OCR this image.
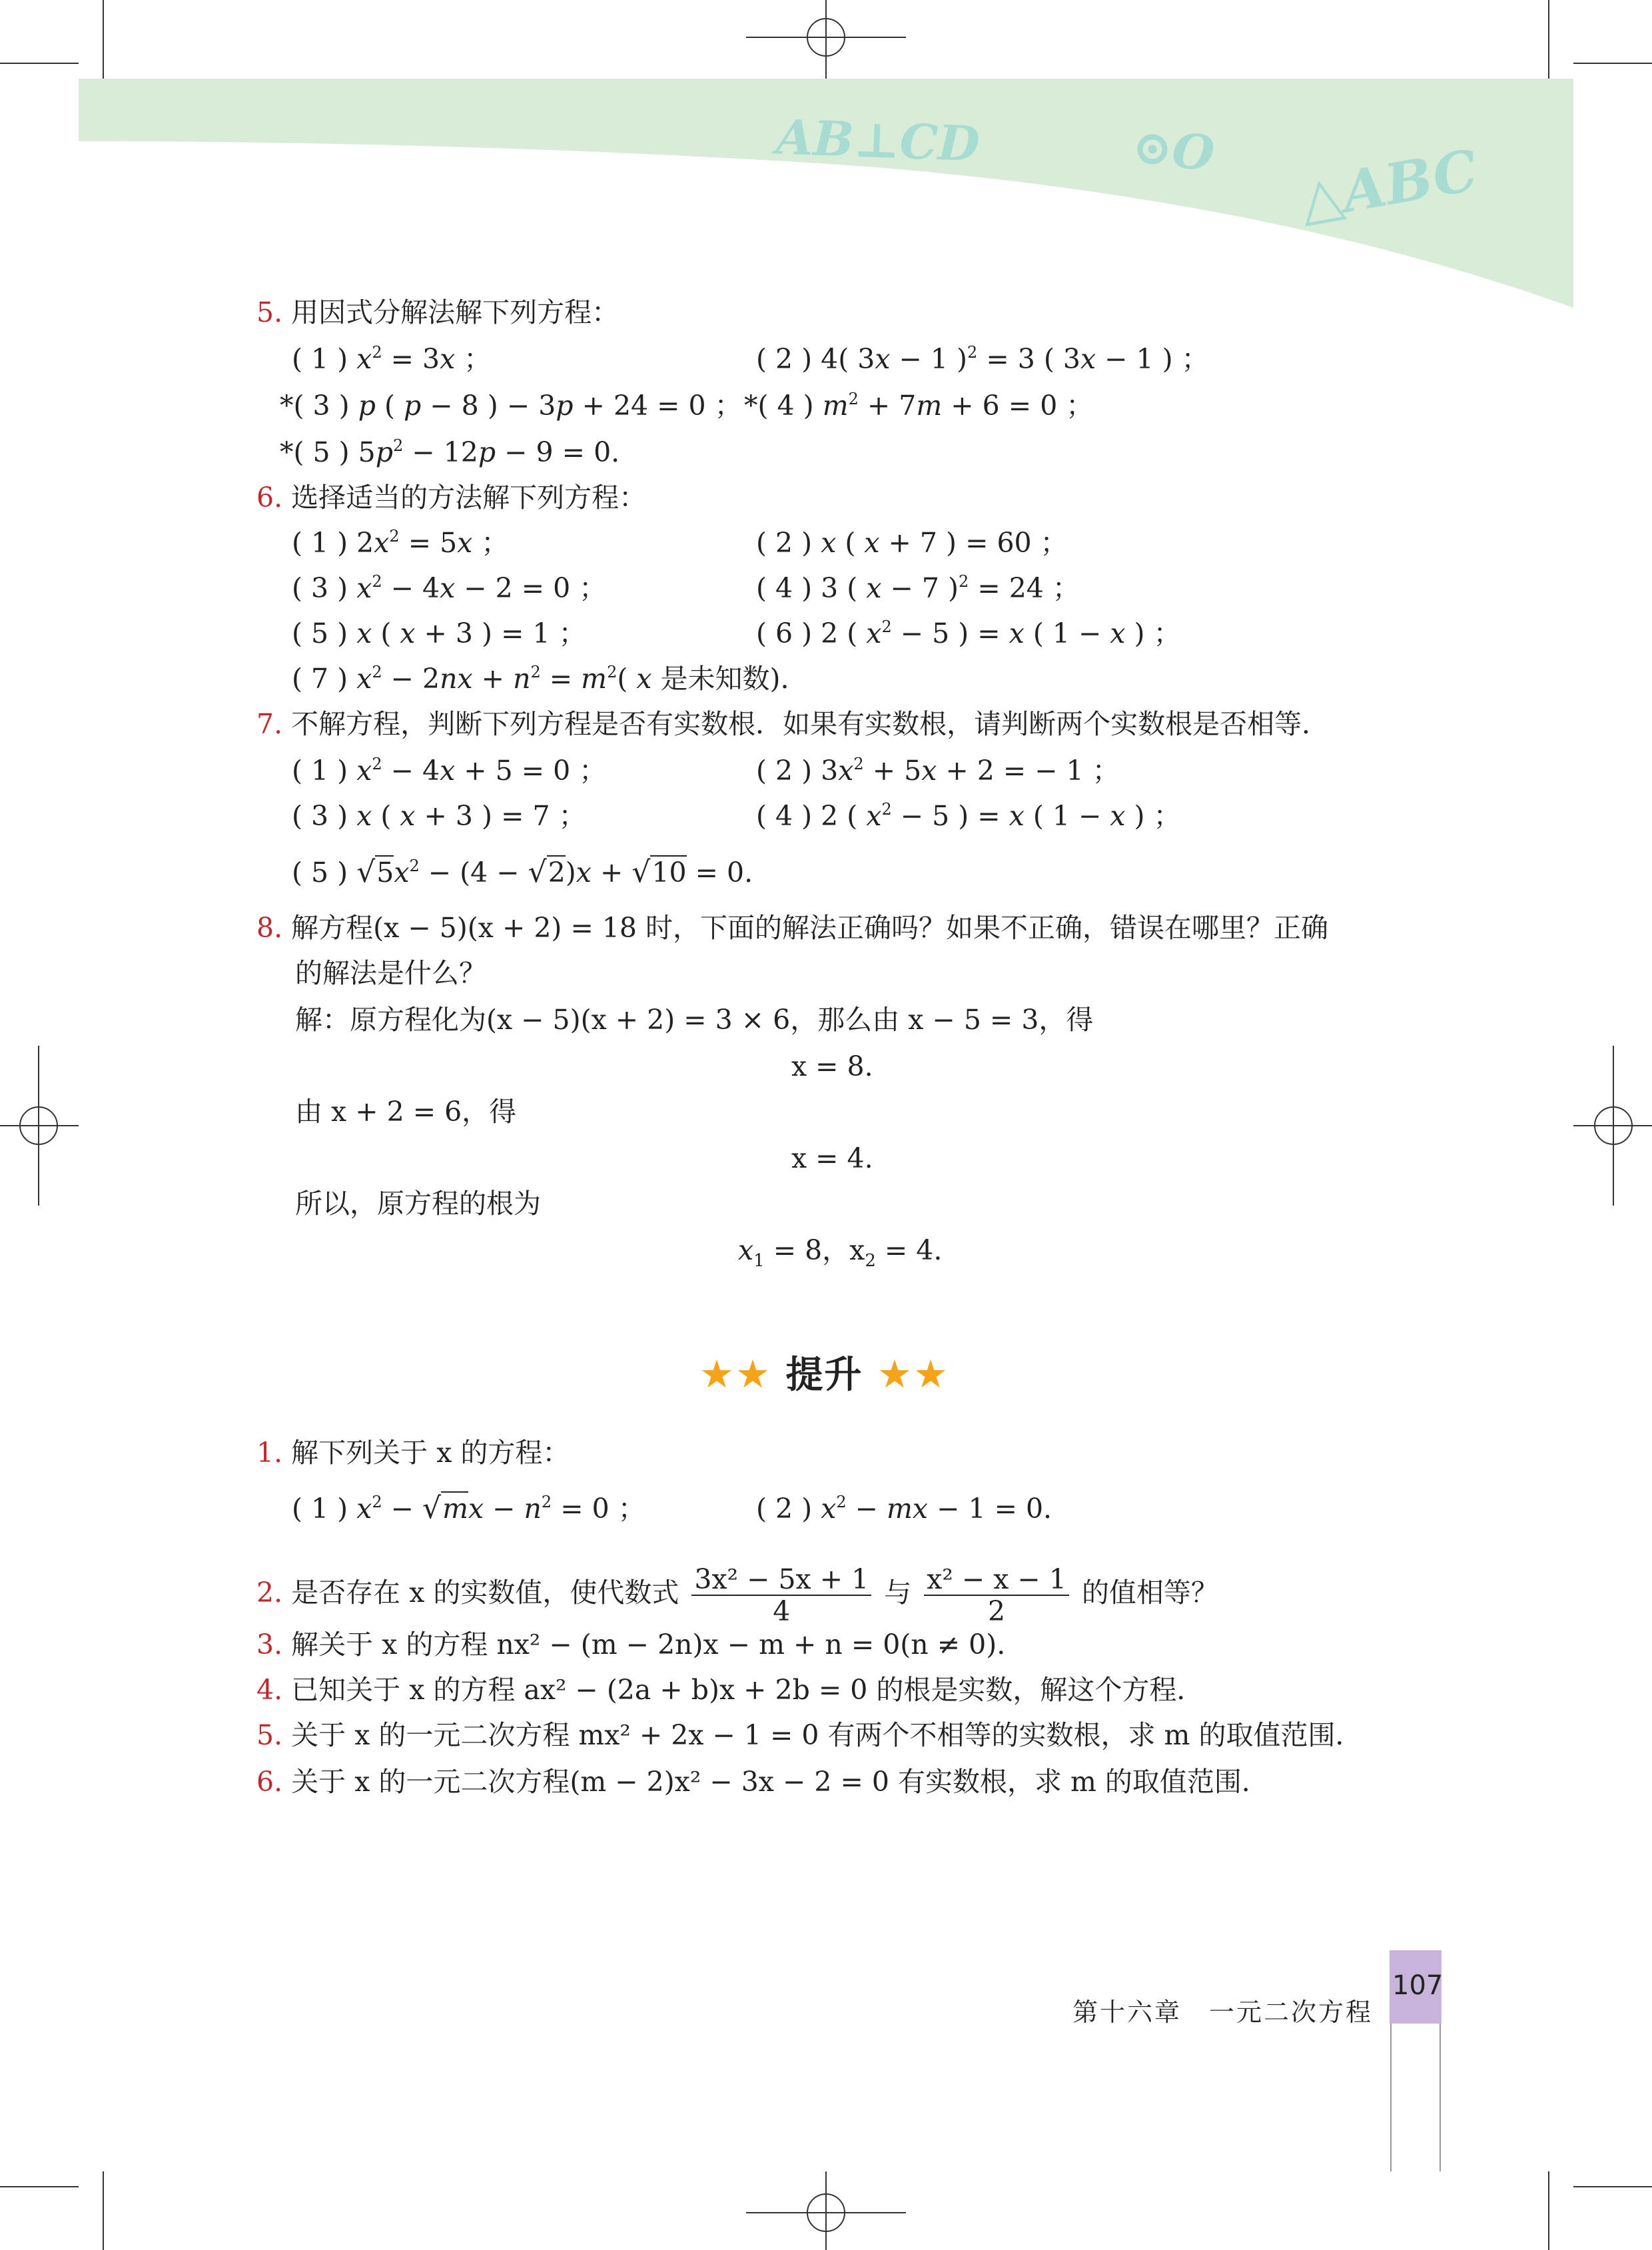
AB⊥CD	⊙O △ABC
5. 用因式分解法解下列方程：
( 1 ) $x^2 = 3x$ ；	( 2 ) 4( 3x − 1 )$^2$ = 3 ( 3x − 1 ) ；
*( 3 ) p ( p − 8 ) − 3p + 24 = 0 ； *( 4 ) $m^2 + 7m + 6 = 0$ ；
*( 5 ) $5p^2 - 12p - 9 = 0$.
6. 选择适当的方法解下列方程：
( 1 ) $2x^2 = 5x$ ；	( 2 ) x ( x + 7 ) = 60 ；
( 3 ) $x^2 - 4x - 2 = 0$ ；	( 4 ) 3 ( x − 7 )$^2$ = 24 ；
( 5 ) x ( x + 3 ) = 1 ；	( 6 ) 2 ( $x^2 - 5$ ) = x ( 1 − x ) ；
( 7 ) $x^2 - 2nx + n^2 = m^2$( x 是未知数).
7. 不解方程，判断下列方程是否有实数根．如果有实数根，请判断两个实数根是否相等．
( 1 ) $x^2 - 4x + 5 = 0$ ；	( 2 ) $3x^2 + 5x + 2$ = − 1 ；
( 3 ) x ( x + 3 ) = 7 ；	( 4 ) 2 ( $x^2 - 5$ ) = x ( 1 − x ) ；
( 5 ) $√5x^2 - (4 - √2)x + √10 = 0$.
8. 解方程(x − 5)(x + 2) = 18 时，下面的解法正确吗？如果不正确，错误在哪里？正确
的解法是什么？
解：原方程化为(x − 5)(x + 2) = 3 × 6，那么由 x − 5 = 3，得
x = 8.
由 x + 2 = 6，得
x = 4.
所以，原方程的根为
$x_1 = 8$，$x_2 = 4$.
★★ 提升 ★★
1. 解下列关于 x 的方程：
( 1 ) $x^2 - √mx - n^2 = 0$ ；	( 2 ) $x^2$ − mx − 1 = 0.
2. 是否存在 x 的实数值，使代数式 $\frac{\text{3x² − 5x + 1}}{4}$ 与 $\frac{\text{x² − x − 1}}{2}$ 的值相等？
3. 解关于 x 的方程 nx² − (m − 2n)x − m + n = 0(n ≠ 0).
4. 已知关于 x 的方程 ax² − (2a + b)x + 2b = 0 的根是实数，解这个方程．
5. 关于 x 的一元二次方程 mx² + 2x − 1 = 0 有两个不相等的实数根，求 m 的取值范围．
6. 关于 x 的一元二次方程(m − 2)x² − 3x − 2 = 0 有实数根，求 m 的取值范围．
第十六章　一元二次方程
107
